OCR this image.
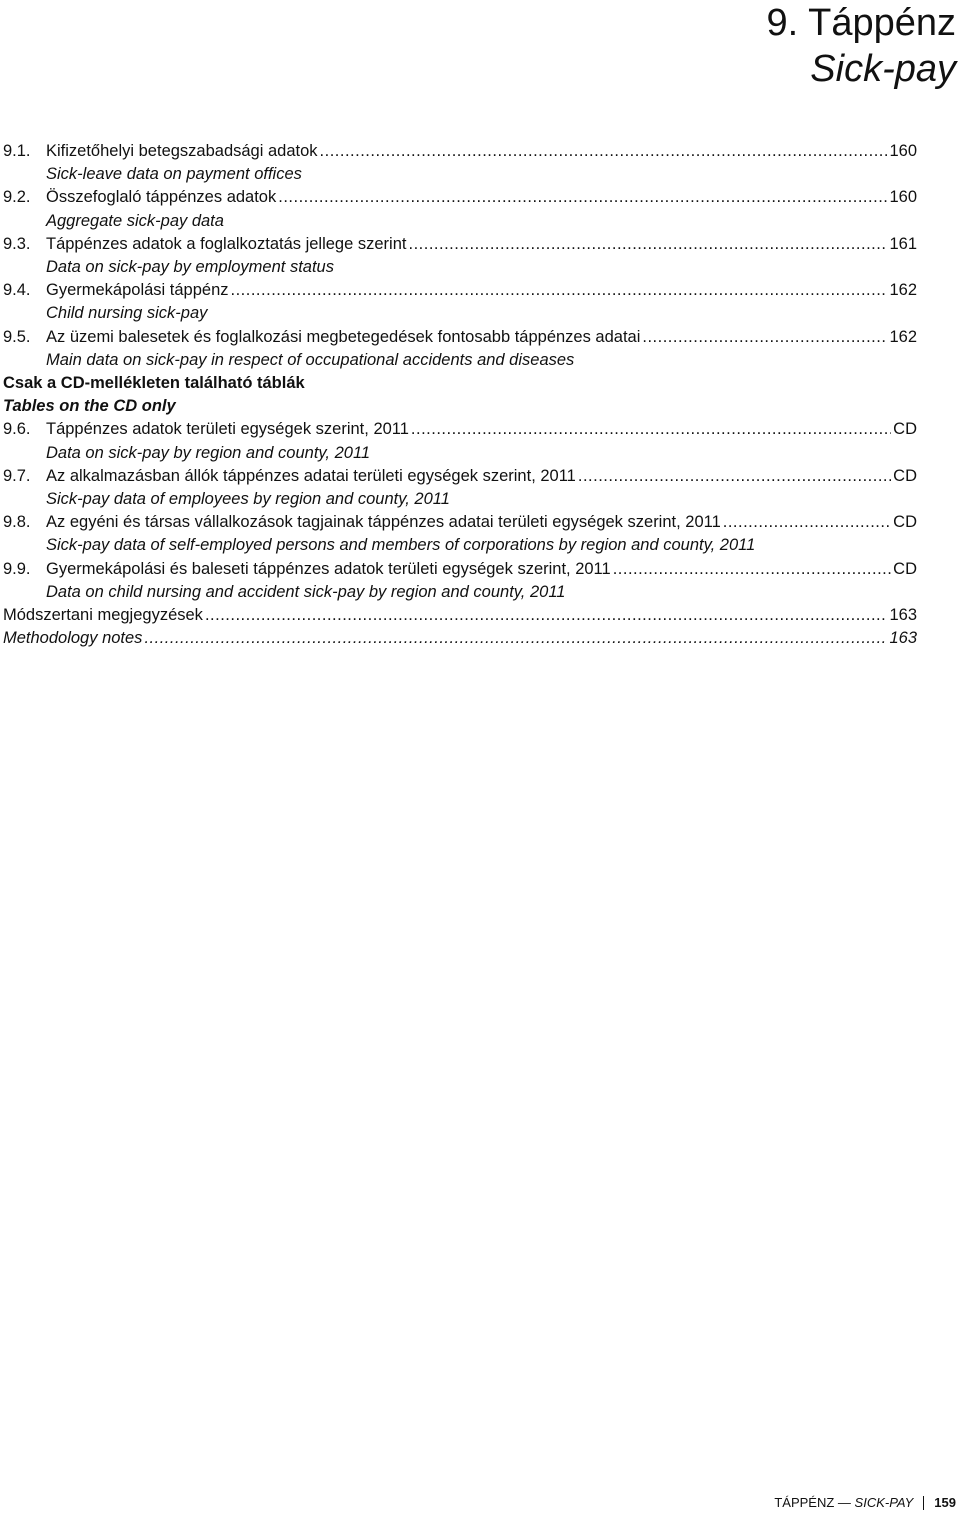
9. Táppénz
Sick-pay
9.1. Kifizetőhelyi betegszabadsági adatok .....	160
Sick-leave data on payment offices
9.2. Összefoglaló táppénzes adatok .....	160
Aggregate sick-pay data
9.3. Táppénzes adatok a foglalkoztatás jellege szerint .....	161
Data on sick-pay by employment status
9.4. Gyermekápolási táppénz .....	162
Child nursing sick-pay
9.5. Az üzemi balesetek és foglalkozási megbetegedések fontosabb táppénzes adatai .....	162
Main data on sick-pay in respect of occupational accidents and diseases
Csak a CD-mellékleten található táblák
Tables on the CD only
9.6. Táppénzes adatok területi egységek szerint, 2011 .....	CD
Data on sick-pay by region and county, 2011
9.7. Az alkalmazásban állók táppénzes adatai területi egységek szerint, 2011 .....	CD
Sick-pay data of employees by region and county, 2011
9.8. Az egyéni és társas vállalkozások tagjainak táppénzes adatai területi egységek szerint, 2011 .....	CD
Sick-pay data of self-employed persons and members of corporations by region and county, 2011
9.9. Gyermekápolási és baleseti táppénzes adatok területi egységek szerint, 2011 .....	CD
Data on child nursing and accident sick-pay by region and county, 2011
Módszertani megjegyzések .....	163
Methodology notes .....	163
TÁPPÉNZ — SICK-PAY 159
